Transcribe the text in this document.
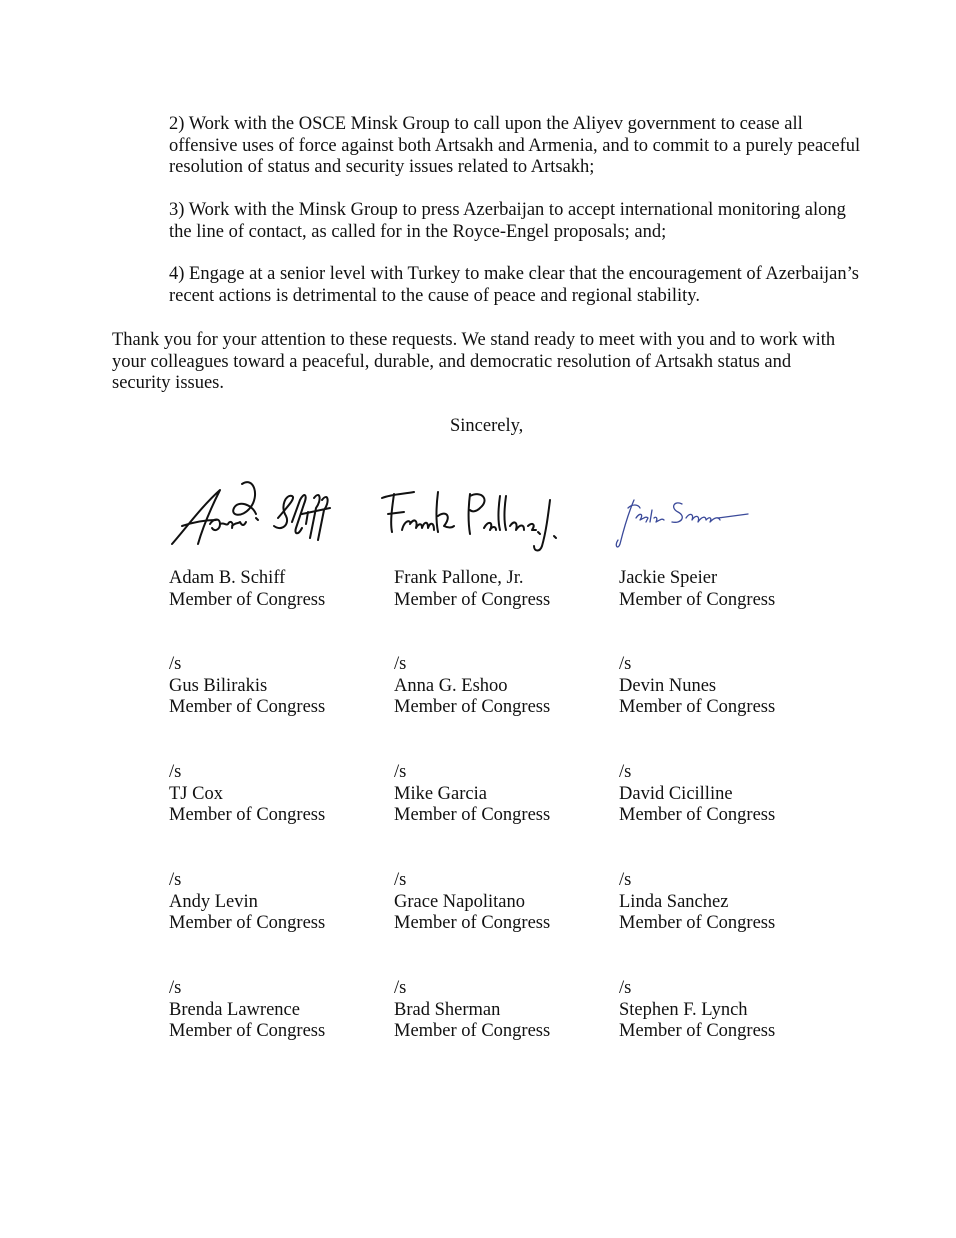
2) Work with the OSCE Minsk Group to call upon the Aliyev government to cease all offensive uses of force against both Artsakh and Armenia, and to commit to a purely peaceful resolution of status and security issues related to Artsakh;

3) Work with the Minsk Group to press Azerbaijan to accept international monitoring along the line of contact, as called for in the Royce-Engel proposals; and;

4) Engage at a senior level with Turkey to make clear that the encouragement of Azerbaijan’s recent actions is detrimental to the cause of peace and regional stability.

Thank you for your attention to these requests. We stand ready to meet with you and to work with your colleagues toward a peaceful, durable, and democratic resolution of Artsakh status and security issues.

Sincerely,

Adam B. Schiff
Member of Congress
Frank Pallone, Jr.
Member of Congress
Jackie Speier
Member of Congress
/s
Gus Bilirakis
Member of Congress
/s
Anna G. Eshoo
Member of Congress
/s
Devin Nunes
Member of Congress
/s
TJ Cox
Member of Congress
/s
Mike Garcia
Member of Congress
/s
David Cicilline
Member of Congress
/s
Andy Levin
Member of Congress
/s
Grace Napolitano
Member of Congress
/s
Linda Sanchez
Member of Congress
/s
Brenda Lawrence
Member of Congress
/s
Brad Sherman
Member of Congress
/s
Stephen F. Lynch
Member of Congress
